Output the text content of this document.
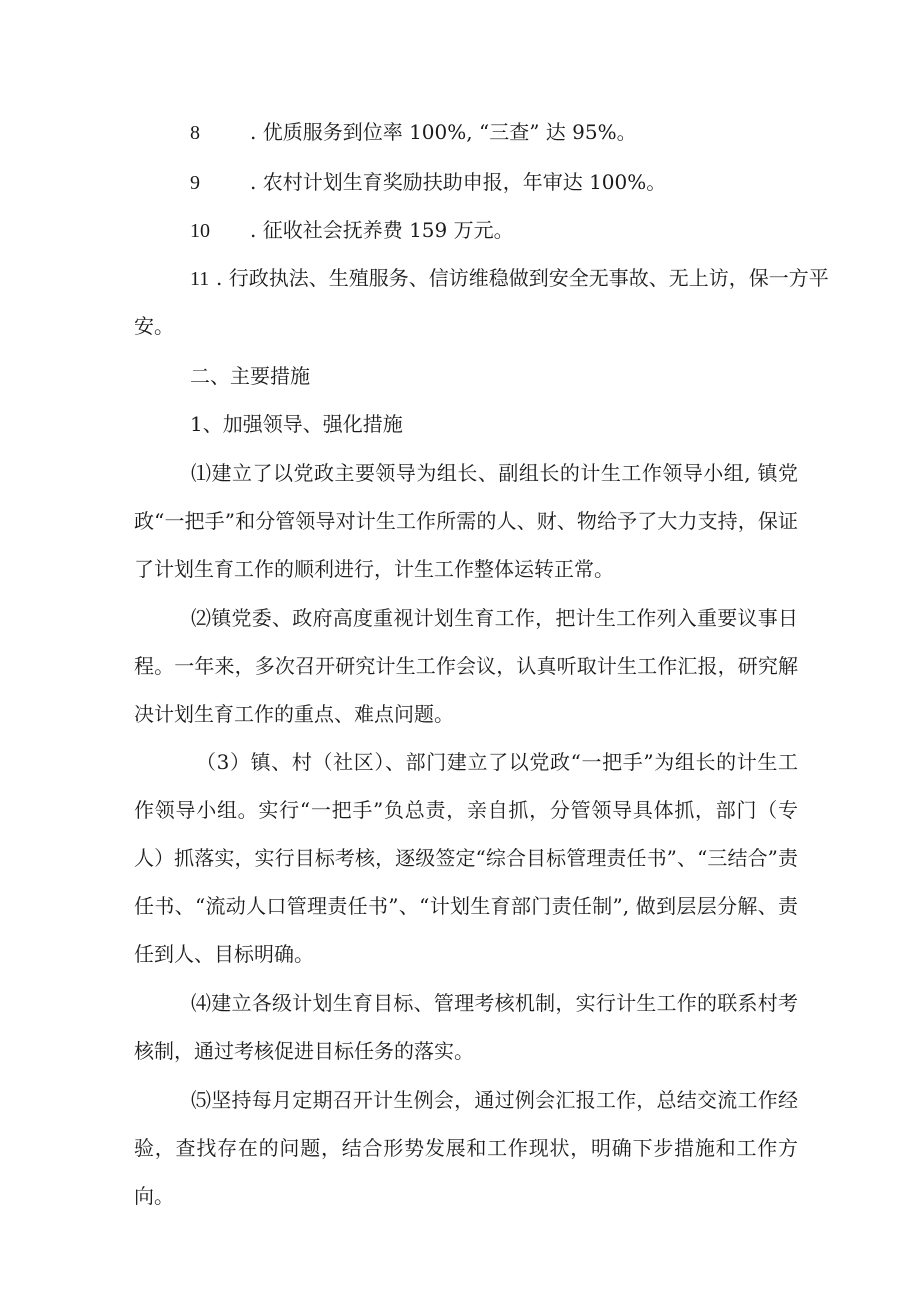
8	. 优质服务到位率 100%, “三查” 达 95%。
9	. 农村计划生育奖励扶助申报，年审达 100%。
10 . 征收社会抚养费 159 万元。
11 . 行政执法、生殖服务、信访维稳做到安全无事故、无上访，保一方平
安。
二、主要措施
1、加强领导、强化措施
⑴建立了以党政主要领导为组长、副组长的计生工作领导小组, 镇党政“一把手”和分管领导对计生工作所需的人、财、物给予了大力支持，保证了计划生育工作的顺利进行，计生工作整体运转正常。
⑵镇党委、政府高度重视计划生育工作，把计生工作列入重要议事日程。一年来，多次召开研究计生工作会议，认真听取计生工作汇报，研究解决计划生育工作的重点、难点问题。
（3）镇、村（社区）、部门建立了以党政“一把手”为组长的计生工作领导小组。实行“一把手”负总责，亲自抓，分管领导具体抓，部门（专人）抓落实，实行目标考核，逐级签定“综合目标管理责任书”、“三结合”责任书、“流动人口管理责任书”、“计划生育部门责任制”, 做到层层分解、责任到人、目标明确。
⑷建立各级计划生育目标、管理考核机制，实行计生工作的联系村考核制，通过考核促进目标任务的落实。
⑸坚持每月定期召开计生例会，通过例会汇报工作，总结交流工作经验，查找存在的问题，结合形势发展和工作现状，明确下步措施和工作方向。
